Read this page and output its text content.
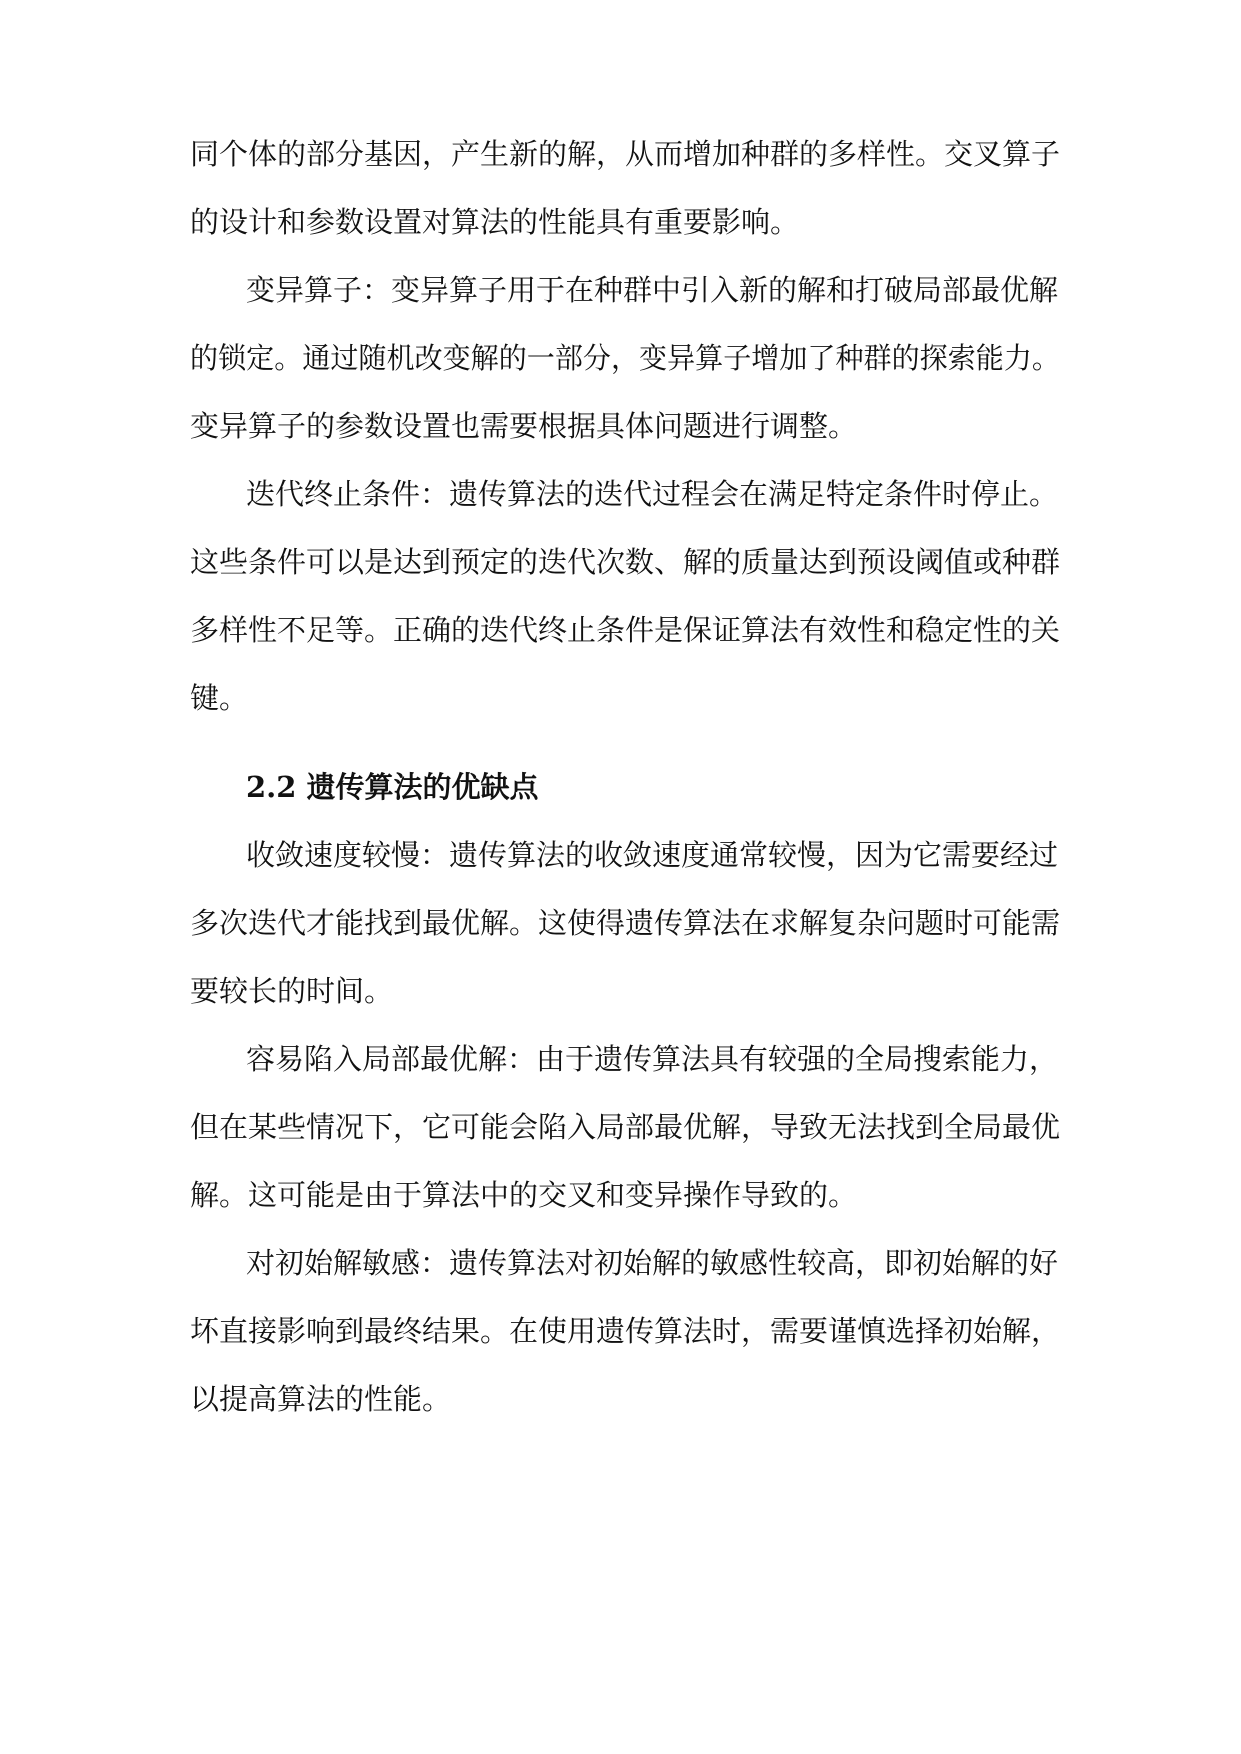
同个体的部分基因，产生新的解，从而增加种群的多样性。交叉算子
的设计和参数设置对算法的性能具有重要影响。
变异算子：变异算子用于在种群中引入新的解和打破局部最优解
的锁定。通过随机改变解的一部分，变异算子增加了种群的探索能力。
变异算子的参数设置也需要根据具体问题进行调整。
迭代终止条件：遗传算法的迭代过程会在满足特定条件时停止。
这些条件可以是达到预定的迭代次数、解的质量达到预设阈值或种群
多样性不足等。正确的迭代终止条件是保证算法有效性和稳定性的关
键。
2.2 遗传算法的优缺点
收敛速度较慢：遗传算法的收敛速度通常较慢，因为它需要经过
多次迭代才能找到最优解。这使得遗传算法在求解复杂问题时可能需
要较长的时间。
容易陷入局部最优解：由于遗传算法具有较强的全局搜索能力，
但在某些情况下，它可能会陷入局部最优解，导致无法找到全局最优
解。这可能是由于算法中的交叉和变异操作导致的。
对初始解敏感：遗传算法对初始解的敏感性较高，即初始解的好
坏直接影响到最终结果。在使用遗传算法时，需要谨慎选择初始解，
以提高算法的性能。
